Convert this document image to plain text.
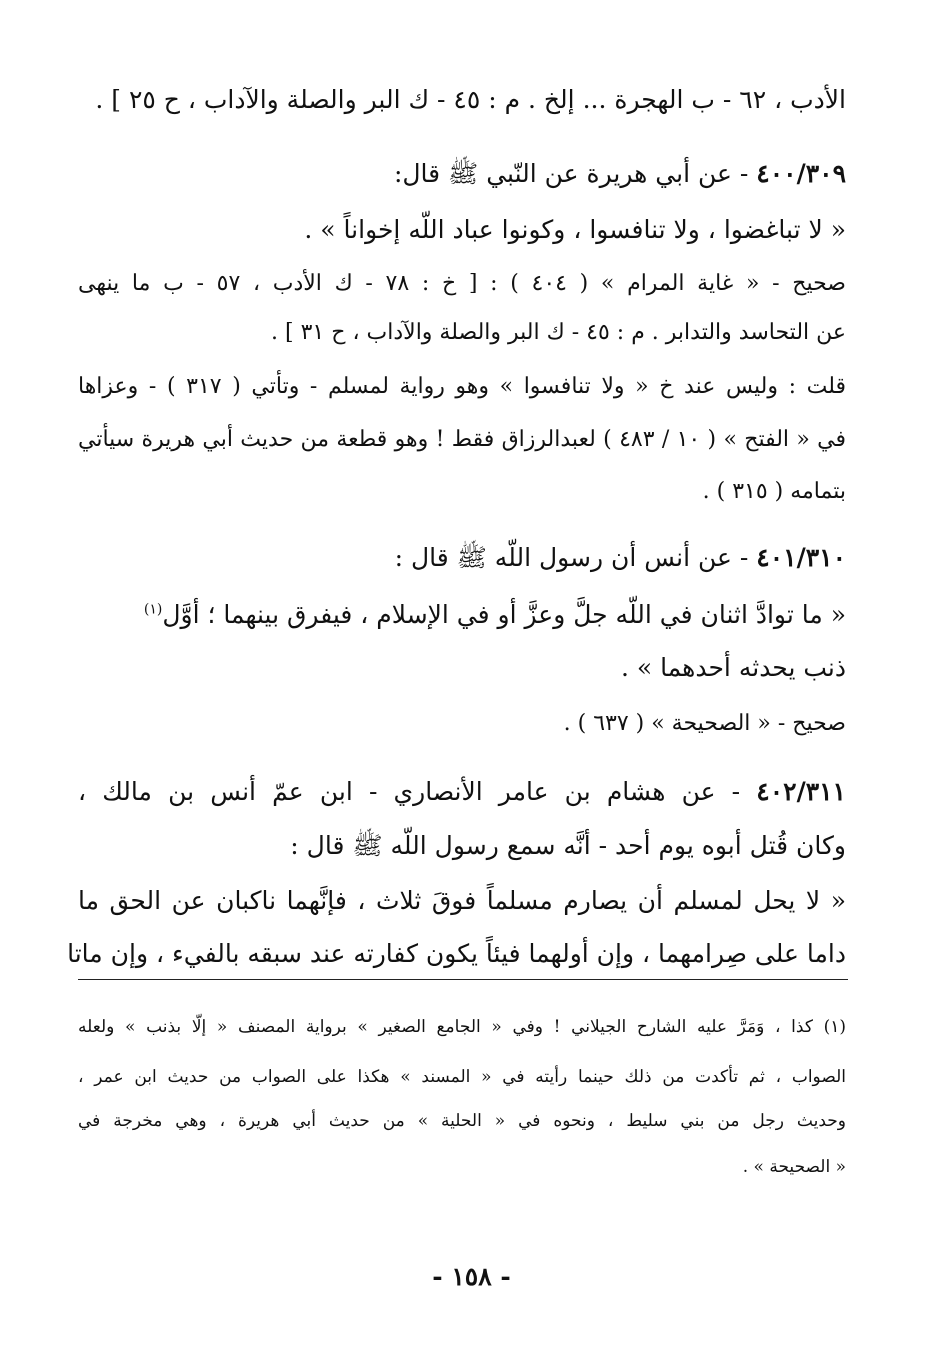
الأدب ، ٦٢ - ب الهجرة ... إلخ . م : ٤٥ - ك البر والصلة والآداب ، ح ٢٥ ] .
٤٠٠/٣٠٩ - عن أبي هريرة عن النّبي ﷺ قال:
« لا تباغضوا ، ولا تنافسوا ، وكونوا عباد اللّه إخواناً » .
صحيح - « غاية المرام » ( ٤٠٤ ) : [ خ : ٧٨ - ك الأدب ، ٥٧ - ب ما ينهى
عن التحاسد والتدابر . م : ٤٥ - ك البر والصلة والآداب ، ح ٣١ ] .
قلت : وليس عند خ « ولا تنافسوا » وهو رواية لمسلم - وتأتي ( ٣١٧ ) - وعزاها
في « الفتح » ( ١٠ / ٤٨٣ ) لعبدالرزاق فقط ! وهو قطعة من حديث أبي هريرة سيأتي
بتمامه ( ٣١٥ ) .
٤٠١/٣١٠ - عن أنس أن رسول اللّه ﷺ قال :
« ما توادَّ اثنان في اللّه جلَّ وعزَّ أو في الإسلام ، فيفرق بينهما ؛ أوَّل$^{(١)}$
ذنب يحدثه أحدهما » .
صحيح - « الصحيحة » ( ٦٣٧ ) .
٤٠٢/٣١١ - عن هشام بن عامر الأنصاري - ابن عمّ أنس بن مالك ،
وكان قُتل أبوه يوم أحد - أنَّه سمع رسول اللّه ﷺ قال :
« لا يحل لمسلم أن يصارم مسلماً فوقَ ثلاث ، فإنَّهما ناكبان عن الحق ما
داما على صِرامهما ، وإن أولهما فيئاً يكون كفارته عند سبقه بالفيء ، وإن ماتا
(١) كذا ، وَمَرَّ عليه الشارح الجيلاني ! وفي « الجامع الصغير » برواية المصنف « إلّا بذنب » ولعله
الصواب ، ثم تأكدت من ذلك حينما رأيته في « المسند » هكذا على الصواب من حديث ابن عمر ،
وحديث رجل من بني سليط ، ونحوه في « الحلية » من حديث أبي هريرة ، وهي مخرجة في
« الصحيحة » .
- ١٥٨ -
